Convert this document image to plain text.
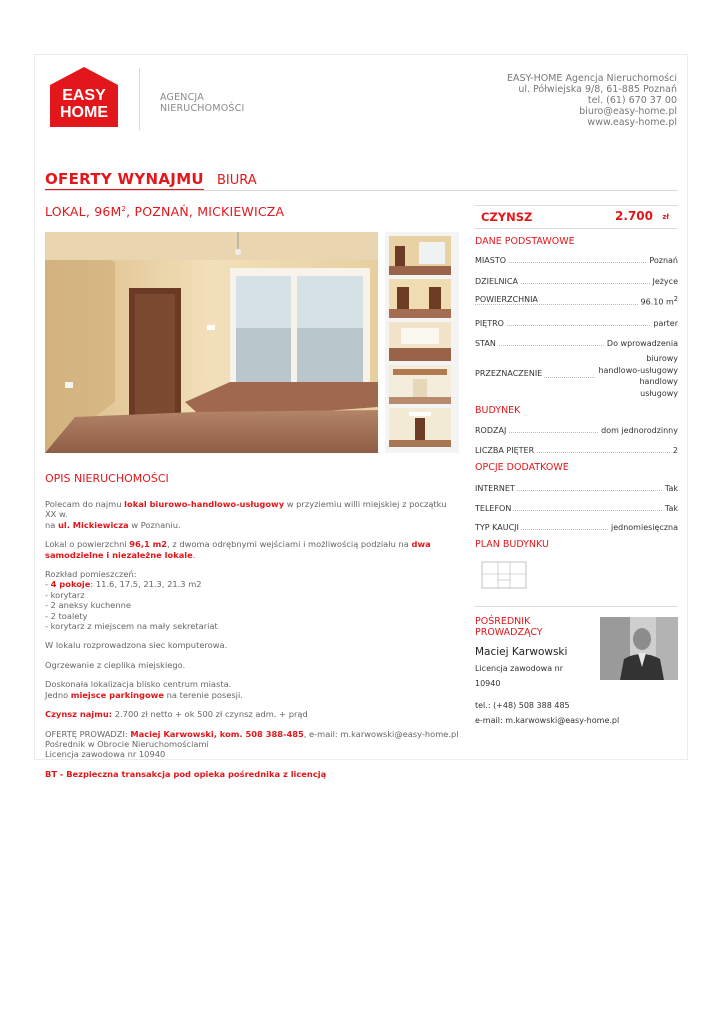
EASY
HOME
AGENCJA
NIERUCHOMOŚCI
EASY-HOME Agencja Nieruchomości
ul. Półwiejska 9/8, 61-885 Poznań
tel. (61) 670 37 00
biuro@easy-home.pl
www.easy-home.pl
OFERTY WYNAJMU BIURA
LOKAL, $96M^2$, POZNAŃ, MICKIEWICZA
OPIS NIERUCHOMOŚCI

Polecam do najmu lokal biurowo-handlowo-usługowy w przyziemiu willi miejskiej z początku XX w.
na ul. Mickiewicza w Poznaniu.

Lokal o powierzchni 96,1 m2, z dwoma odrębnymi wejściami i możliwością podziału na dwa
samodzielne i niezależne lokale.

Rozkład pomieszczeń:
- 4 pokoje: 11.6, 17.5, 21.3, 21.3 m2
- korytarz
- 2 aneksy kuchenne
- 2 toalety
- korytarz z miejscem na mały sekretariat

W lokalu rozprowadzona siec komputerowa.

Ogrzewanie z cieplika miejskiego.

Doskonała lokalizacja blisko centrum miasta.
Jedno miejsce parkingowe na terenie posesji.

Czynsz najmu: 2.700 zł netto + ok 500 zł czynsz adm. + prąd

OFERTĘ PROWADZI: Maciej Karwowski, kom. 508 388-485, e-mail: m.karwowski@easy-home.pl
Pośrednik w Obrocie Nieruchomościami
Licencja zawodowa nr 10940

BT - Bezpieczna transakcja pod opieka pośrednika z licencją

CZYNSZ	2.700 zł
DANE PODSTAWOWE
MIASTO	Poznań
DZIELNICA	Jeżyce
POWIERZCHNIA	96.10 $m^2$
PIĘTRO	parter
STAN	Do wprowadzenia
PRZEZNACZENIE
biurowy
handlowo-usługowy
handlowy
usługowy
BUDYNEK
RODZAJ	dom jednorodzinny
LICZBA PIĘTER	2
OPCJE DODATKOWE
INTERNET	Tak
TELEFON	Tak
TYP KAUCJI	jednomiesięczna
PLAN BUDYNKU
POŚREDNIK
PROWADZĄCY
Maciej Karwowski
Licencja zawodowa nr
10940
tel.: (+48) 508 388 485
e-mail: m.karwowski@easy-home.pl
